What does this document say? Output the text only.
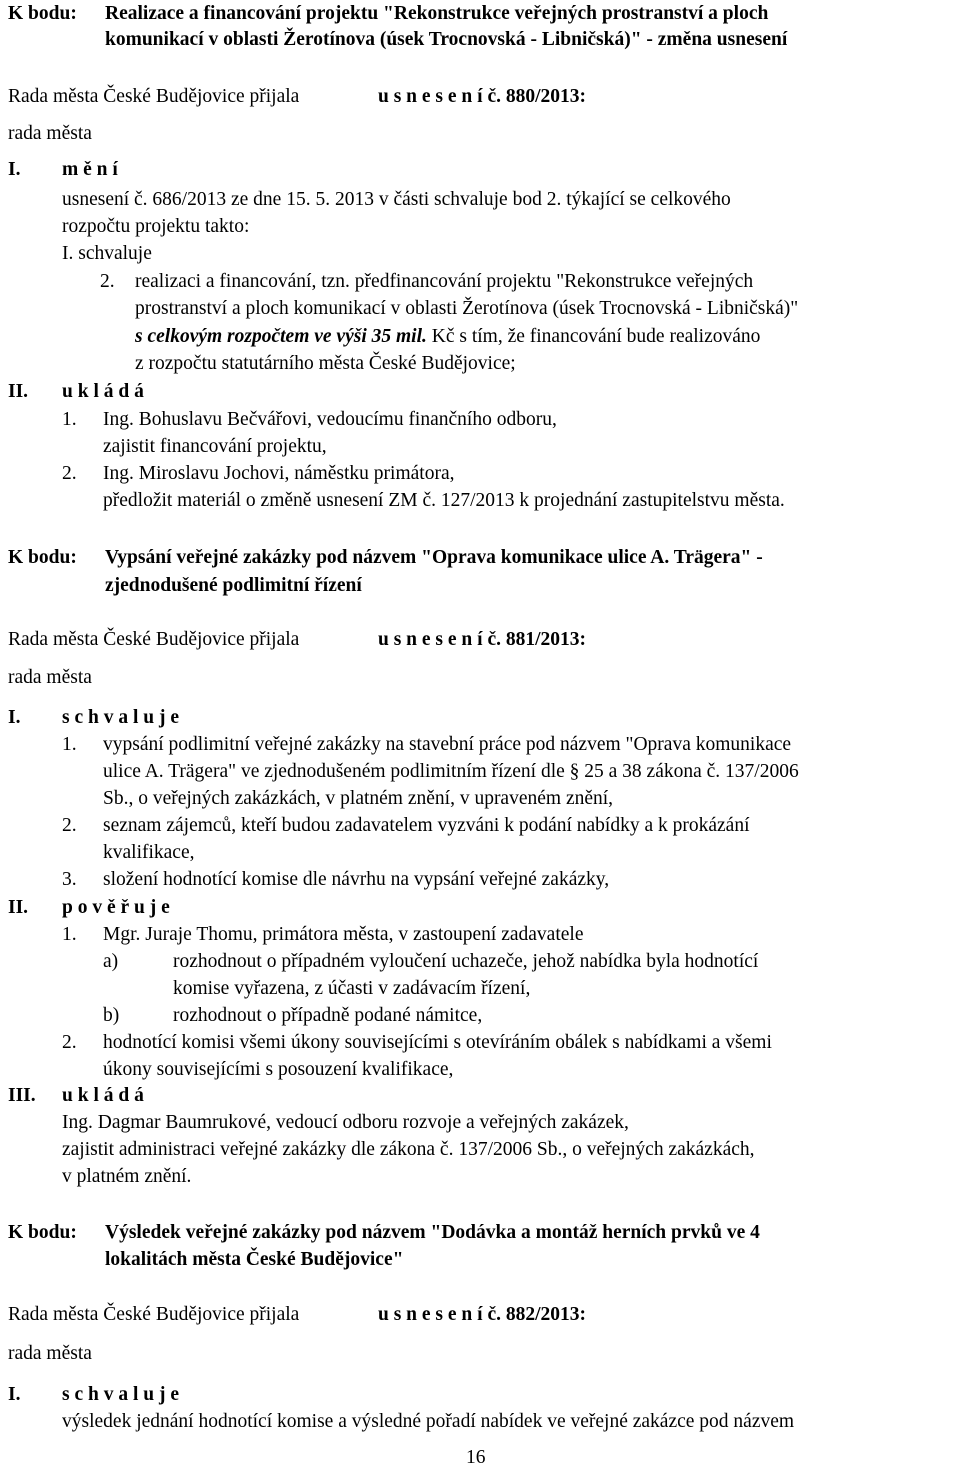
K bodu: Realizace a financování projektu "Rekonstrukce veřejných prostranství a ploch
komunikací v oblasti Žerotínova (úsek Trocnovská - Libničská)" - změna usnesení
Rada města České Budějovice přijala	u s n e s e n í č. 880/2013:
rada města
I. m ě n í
usnesení č. 686/2013 ze dne 15. 5. 2013 v části schvaluje bod 2. týkající se celkového
rozpočtu projektu takto:
I. schvaluje
2. realizaci a financování, tzn. předfinancování projektu "Rekonstrukce veřejných
prostranství a ploch komunikací v oblasti Žerotínova (úsek Trocnovská - Libničská)"
s celkovým rozpočtem ve výši 35 mil. Kč s tím, že financování bude realizováno
z rozpočtu statutárního města České Budějovice;
II. u k l á d á
1. Ing. Bohuslavu Bečvářovi, vedoucímu finančního odboru,
zajistit financování projektu,
2. Ing. Miroslavu Jochovi, náměstku primátora,
předložit materiál o změně usnesení ZM č. 127/2013 k projednání zastupitelstvu města.
K bodu: Vypsání veřejné zakázky pod názvem "Oprava komunikace ulice A. Trägera" -
zjednodušené podlimitní řízení
Rada města České Budějovice přijala	u s n e s e n í č. 881/2013:
rada města
I. s c h v a l u j e
1. vypsání podlimitní veřejné zakázky na stavební práce pod názvem "Oprava komunikace
ulice A. Trägera" ve zjednodušeném podlimitním řízení dle § 25 a 38 zákona č. 137/2006
Sb., o veřejných zakázkách, v platném znění, v upraveném znění,
2. seznam zájemců, kteří budou zadavatelem vyzváni k podání nabídky a k prokázání
kvalifikace,
3. složení hodnotící komise dle návrhu na vypsání veřejné zakázky,
II. p o v ě ř u j e
1. Mgr. Juraje Thomu, primátora města, v zastoupení zadavatele
a)	rozhodnout o případném vyloučení uchazeče, jehož nabídka byla hodnotící
komise vyřazena, z účasti v zadávacím řízení,
b)	rozhodnout o případně podané námitce,
2. hodnotící komisi všemi úkony souvisejícími s otevíráním obálek s nabídkami a všemi
úkony souvisejícími s posouzení kvalifikace,
III. u k l á d á
Ing. Dagmar Baumrukové, vedoucí odboru rozvoje a veřejných zakázek,
zajistit administraci veřejné zakázky dle zákona č. 137/2006 Sb., o veřejných zakázkách,
v platném znění.
K bodu: Výsledek veřejné zakázky pod názvem "Dodávka a montáž herních prvků ve 4
lokalitách města České Budějovice"
Rada města České Budějovice přijala	u s n e s e n í č. 882/2013:
rada města
I. s c h v a l u j e
výsledek jednání hodnotící komise a výsledné pořadí nabídek ve veřejné zakázce pod názvem
16
